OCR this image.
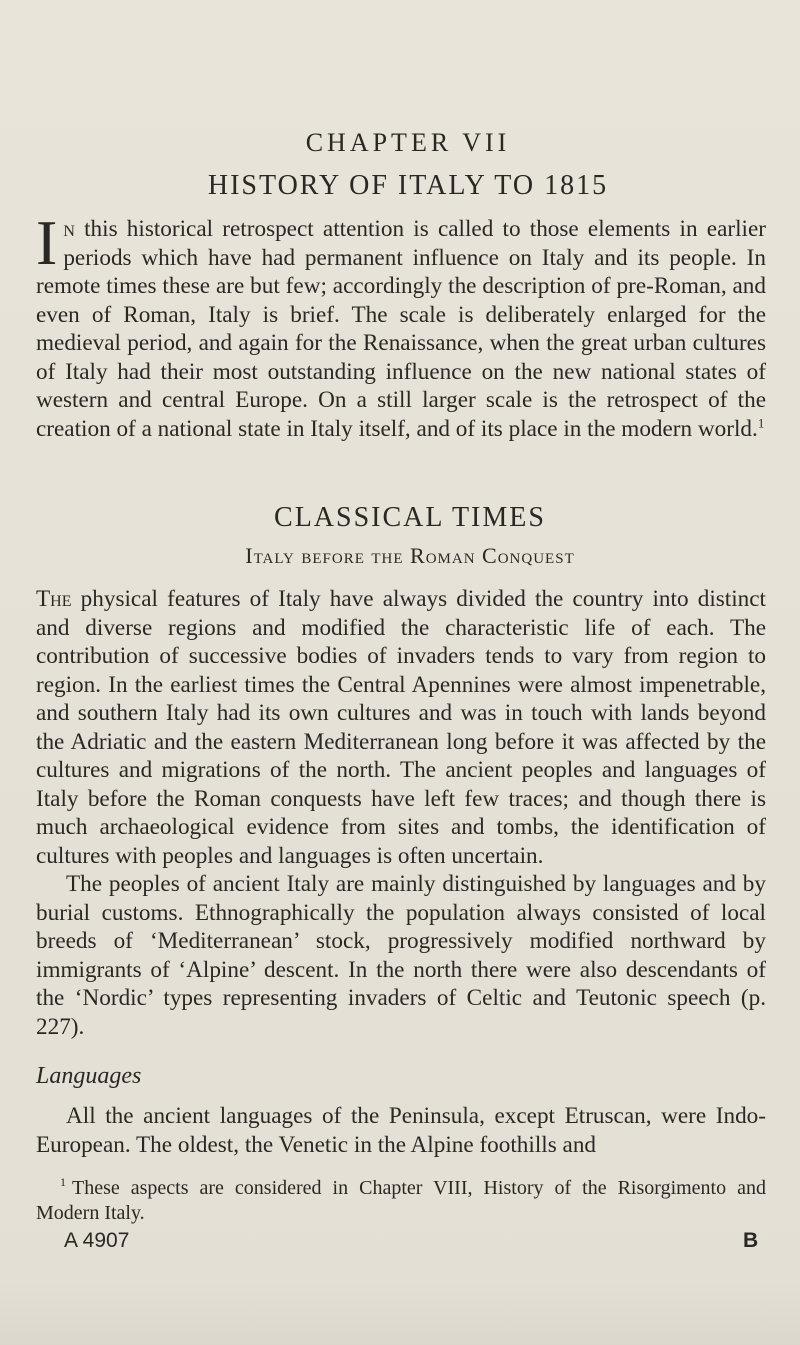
CHAPTER VII
HISTORY OF ITALY TO 1815

In this historical retrospect attention is called to those elements in earlier periods which have had permanent influence on Italy and its people. In remote times these are but few; accordingly the description of pre-Roman, and even of Roman, Italy is brief. The scale is deliberately enlarged for the medieval period, and again for the Renaissance, when the great urban cultures of Italy had their most outstanding influence on the new national states of western and central Europe. On a still larger scale is the retrospect of the creation of a national state in Italy itself, and of its place in the modern world.$^1$

CLASSICAL TIMES
Italy before the Roman Conquest

The physical features of Italy have always divided the country into distinct and diverse regions and modified the characteristic life of each. The contribution of successive bodies of invaders tends to vary from region to region. In the earliest times the Central Apennines were almost impenetrable, and southern Italy had its own cultures and was in touch with lands beyond the Adriatic and the eastern Mediterranean long before it was affected by the cultures and migrations of the north. The ancient peoples and languages of Italy before the Roman conquests have left few traces; and though there is much archaeological evidence from sites and tombs, the identification of cultures with peoples and languages is often uncertain.

The peoples of ancient Italy are mainly distinguished by languages and by burial customs. Ethnographically the population always consisted of local breeds of ‘Mediterranean’ stock, progressively modified northward by immigrants of ‘Alpine’ descent. In the north there were also descendants of the ‘Nordic’ types representing invaders of Celtic and Teutonic speech (p. 227).

Languages

All the ancient languages of the Peninsula, except Etruscan, were Indo-European. The oldest, the Venetic in the Alpine foothills and

$^1$ These aspects are considered in Chapter VIII, History of the Risorgimento and Modern Italy.
A 4907	B
